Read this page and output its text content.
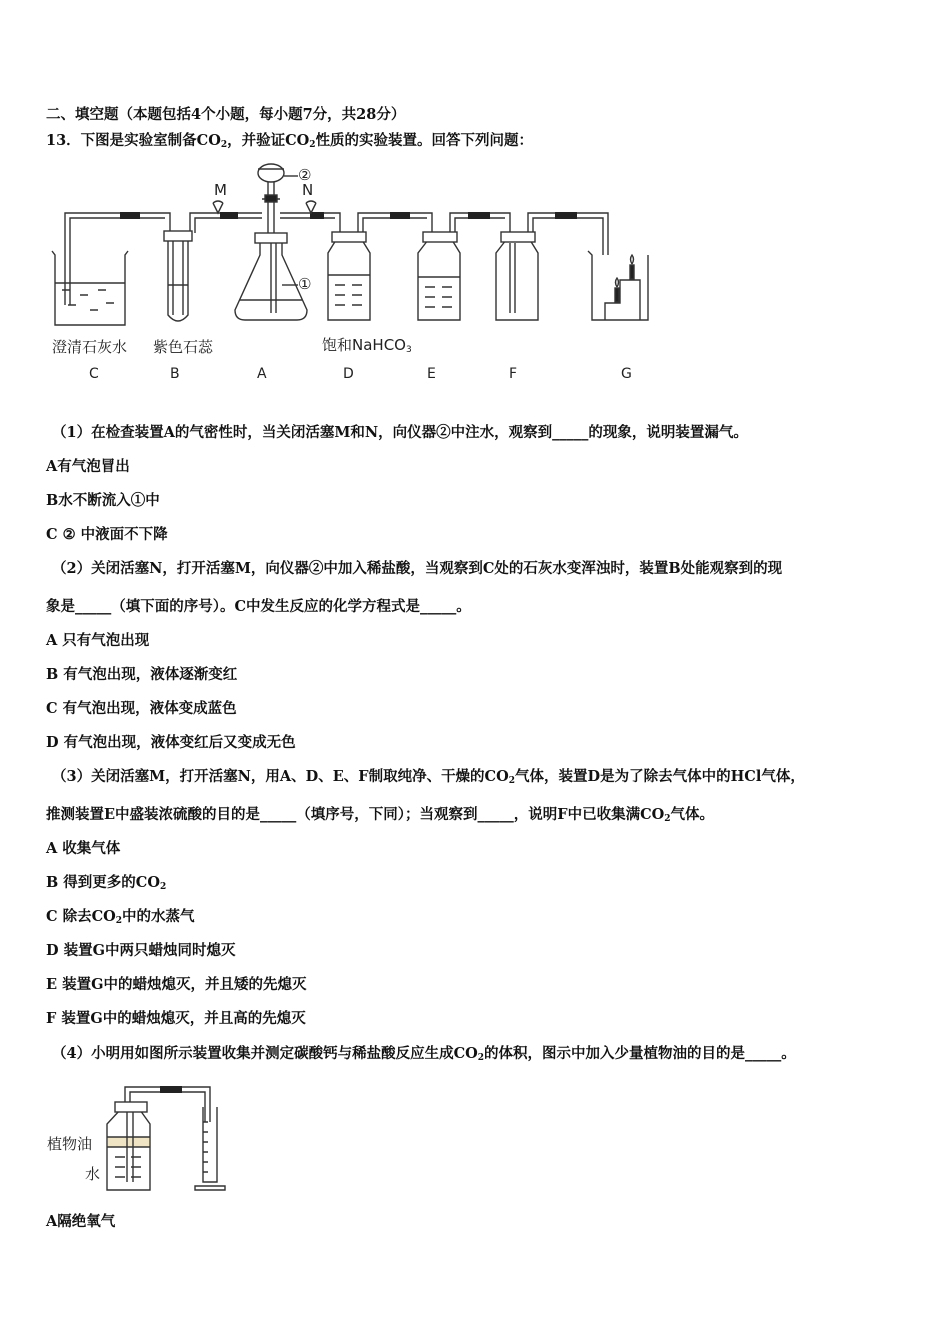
二、填空题（本题包括4个小题，每小题7分，共28分）
13．下图是实验室制备$CO_2$，并验证$CO_2$性质的实验装置。回答下列问题：
M	N
②
①
澄清石灰水 紫色石蕊	饱和NaHCO$_3$
C	B	A	D	E	F	G
（1）在检查装置A的气密性时，当关闭活塞M和N，向仪器②中注水，观察到_____的现象，说明装置漏气。
A有气泡冒出
B水不断流入①中
C ② 中液面不下降
（2）关闭活塞N，打开活塞M，向仪器②中加入稀盐酸，当观察到C处的石灰水变浑浊时，装置B处能观察到的现
象是_____（填下面的序号）。C中发生反应的化学方程式是_____。
A 只有气泡出现
B 有气泡出现，液体逐渐变红
C 有气泡出现，液体变成蓝色
D 有气泡出现，液体变红后又变成无色
（3）关闭活塞M，打开活塞N，用A、D、E、F制取纯净、干燥的$CO_2$气体，装置D是为了除去气体中的HCl气体，
推测装置E中盛装浓硫酸的目的是_____（填序号，下同）；当观察到_____，说明F中已收集满$CO_2$气体。
A 收集气体
B 得到更多的$CO_2$
C 除去$CO_2$中的水蒸气
D 装置G中两只蜡烛同时熄灭
E 装置G中的蜡烛熄灭，并且矮的先熄灭
F 装置G中的蜡烛熄灭，并且高的先熄灭
（4）小明用如图所示装置收集并测定碳酸钙与稀盐酸反应生成$CO_2$的体积，图示中加入少量植物油的目的是_____。
植物油
水
A隔绝氧气
